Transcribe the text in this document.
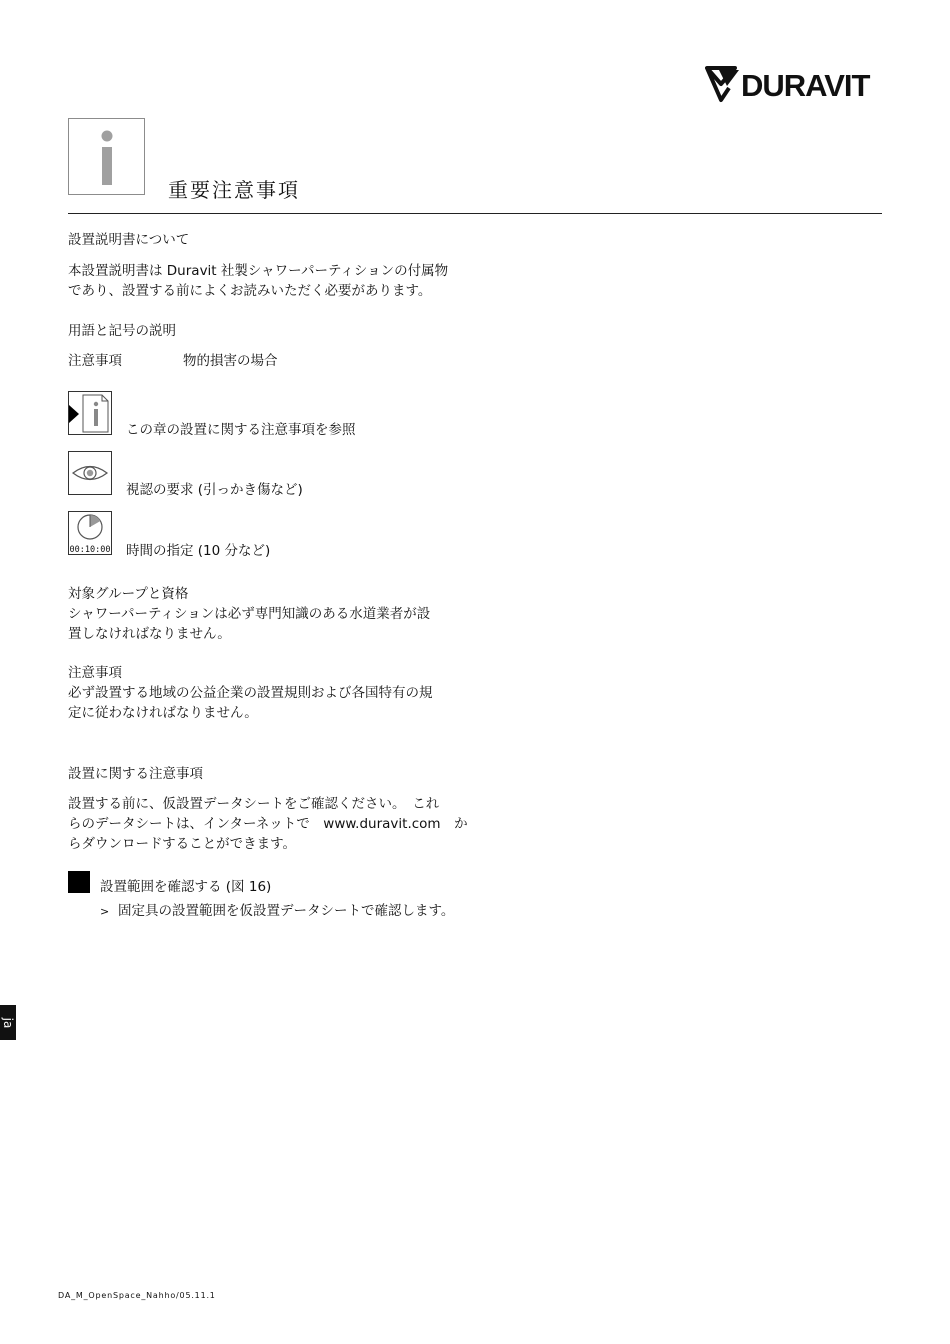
DURAVIT
重要注意事項
設置説明書について
本設置説明書は Duravit 社製シャワーパーティションの付属物
であり、設置する前によくお読みいただく必要があります。
用語と記号の説明
注意事項	物的損害の場合
この章の設置に関する注意事項を参照
視認の要求 (引っかき傷など)
00:10:00 時間の指定 (10 分など)
対象グループと資格
シャワーパーティションは必ず専門知識のある水道業者が設
置しなければなりません。
注意事項
必ず設置する地域の公益企業の設置規則および各国特有の規
定に従わなければなりません。
設置に関する注意事項
設置する前に、仮設置データシートをご確認ください。　これ
らのデータシートは、インターネットで　www.duravit.com　か
らダウンロードすることができます。
設置範囲を確認する (図 16)
> 固定具の設置範囲を仮設置データシートで確認します。
ja
DA_M_OpenSpace_Nahho/05.11.1
